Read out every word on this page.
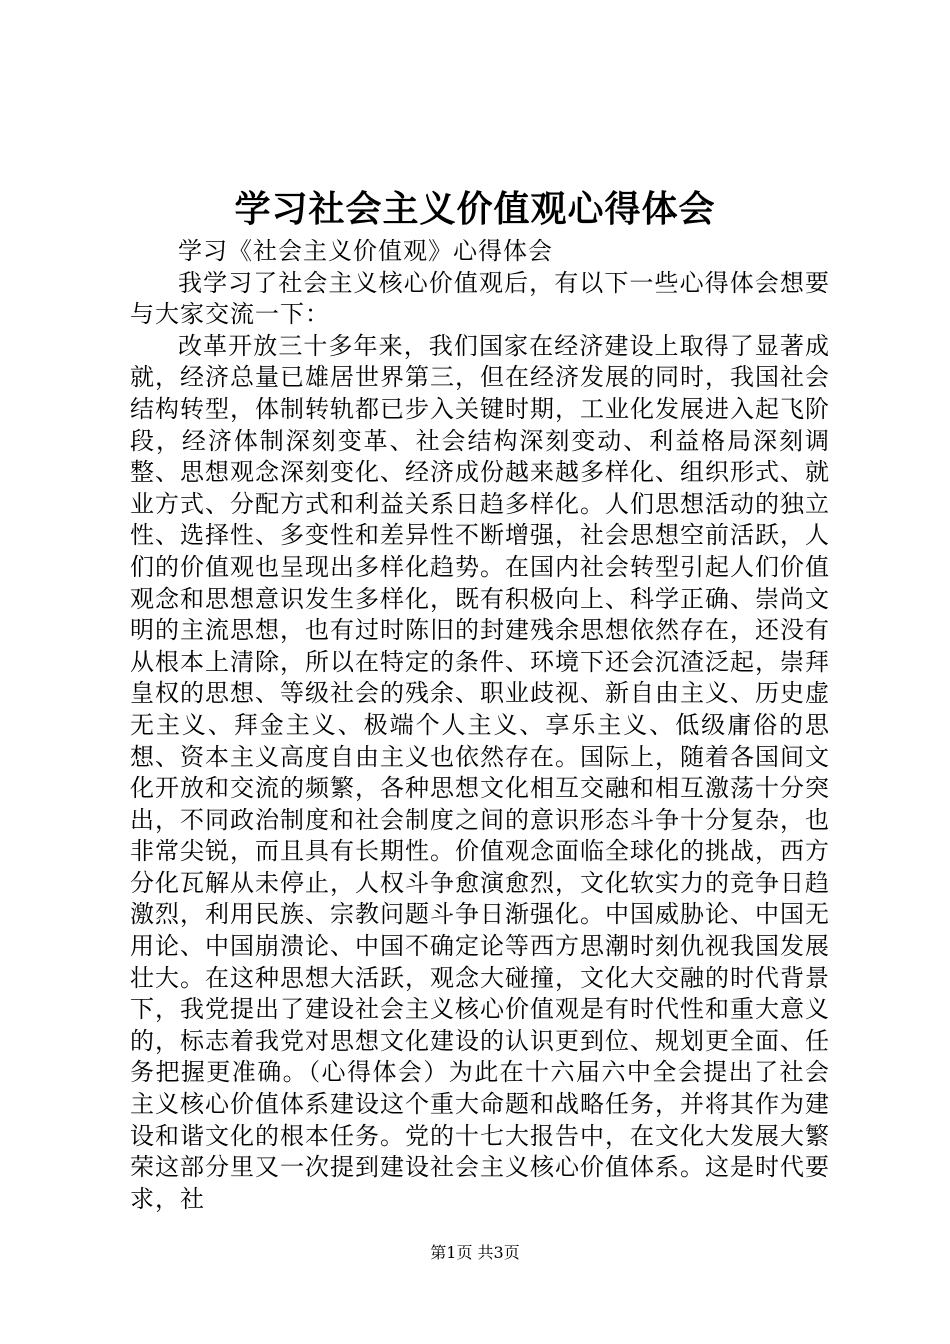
学习社会主义价值观心得体会

学习《社会主义价值观》心得体会

我学习了社会主义核心价值观后，有以下一些心得体会想要与大家交流一下：

改革开放三十多年来，我们国家在经济建设上取得了显著成就，经济总量已雄居世界第三，但在经济发展的同时，我国社会结构转型，体制转轨都已步入关键时期，工业化发展进入起飞阶段，经济体制深刻变革、社会结构深刻变动、利益格局深刻调整、思想观念深刻变化、经济成份越来越多样化、组织形式、就业方式、分配方式和利益关系日趋多样化。人们思想活动的独立性、选择性、多变性和差异性不断增强，社会思想空前活跃，人们的价值观也呈现出多样化趋势。在国内社会转型引起人们价值观念和思想意识发生多样化，既有积极向上、科学正确、崇尚文明的主流思想，也有过时陈旧的封建残余思想依然存在，还没有从根本上清除，所以在特定的条件、环境下还会沉渣泛起，崇拜皇权的思想、等级社会的残余、职业歧视、新自由主义、历史虚无主义、拜金主义、极端个人主义、享乐主义、低级庸俗的思想、资本主义高度自由主义也依然存在。国际上，随着各国间文化开放和交流的频繁，各种思想文化相互交融和相互激荡十分突出，不同政治制度和社会制度之间的意识形态斗争十分复杂，也非常尖锐，而且具有长期性。价值观念面临全球化的挑战，西方分化瓦解从未停止，人权斗争愈演愈烈，文化软实力的竞争日趋激烈，利用民族、宗教问题斗争日渐强化。中国威胁论、中国无用论、中国崩溃论、中国不确定论等西方思潮时刻仇视我国发展壮大。在这种思想大活跃，观念大碰撞，文化大交融的时代背景下，我党提出了建设社会主义核心价值观是有时代性和重大意义的，标志着我党对思想文化建设的认识更到位、规划更全面、任务把握更准确。（心得体会）为此在十六届六中全会提出了社会主义核心价值体系建设这个重大命题和战略任务，并将其作为建设和谐文化的根本任务。党的十七大报告中，在文化大发展大繁荣这部分里又一次提到建设社会主义核心价值体系。这是时代要求，社

第1页 共3页
